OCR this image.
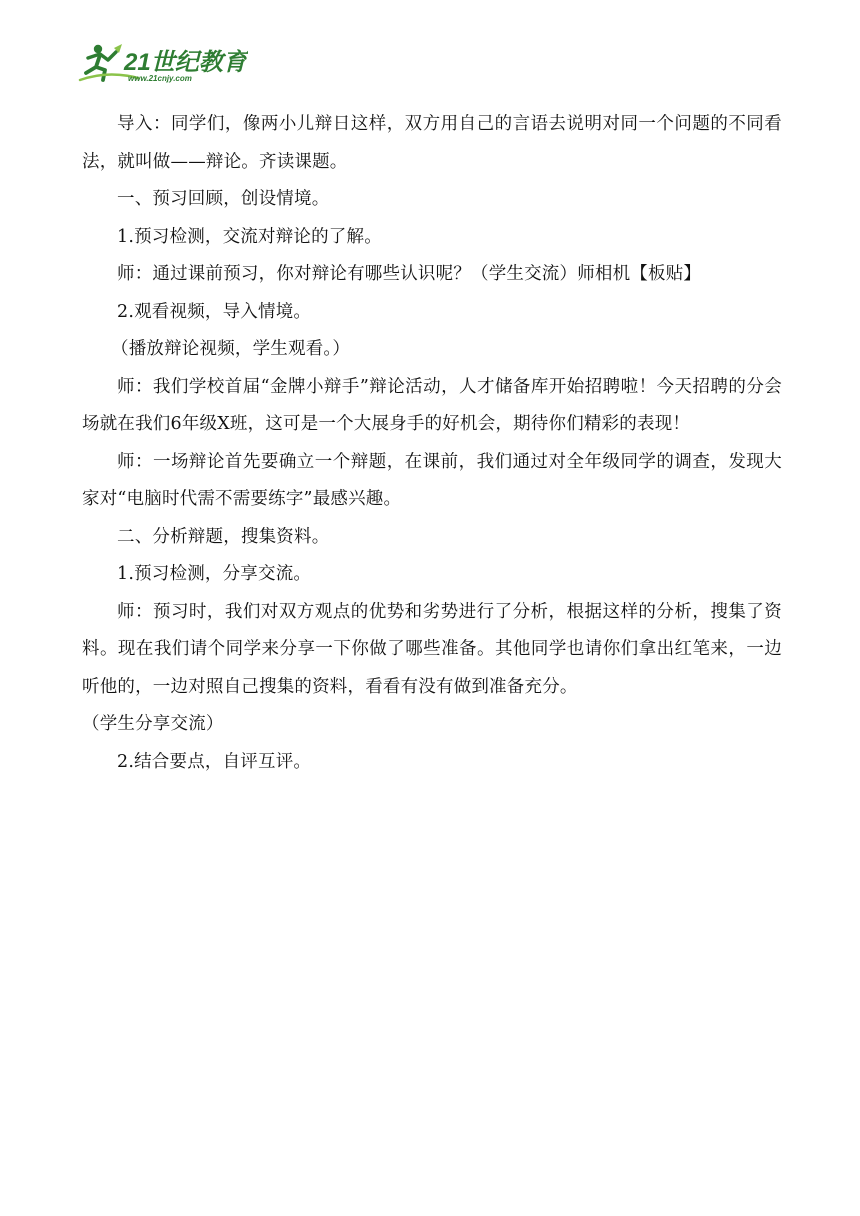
21世纪教育
www.21cnjy.com

导入：同学们，像两小儿辩日这样，双方用自己的言语去说明对同一个问题的不同看法，就叫做——辩论。齐读课题。

一、预习回顾，创设情境。

1.预习检测，交流对辩论的了解。

师：通过课前预习，你对辩论有哪些认识呢？（学生交流）师相机【板贴】

2.观看视频，导入情境。

（播放辩论视频，学生观看。）

师：我们学校首届“金牌小辩手”辩论活动，人才储备库开始招聘啦！今天招聘的分会场就在我们6年级X班，这可是一个大展身手的好机会，期待你们精彩的表现！

师：一场辩论首先要确立一个辩题，在课前，我们通过对全年级同学的调查，发现大家对“电脑时代需不需要练字”最感兴趣。

二、分析辩题，搜集资料。

1.预习检测，分享交流。

师：预习时，我们对双方观点的优势和劣势进行了分析，根据这样的分析，搜集了资料。现在我们请个同学来分享一下你做了哪些准备。其他同学也请你们拿出红笔来，一边听他的，一边对照自己搜集的资料，看看有没有做到准备充分。

（学生分享交流）

2.结合要点，自评互评。
